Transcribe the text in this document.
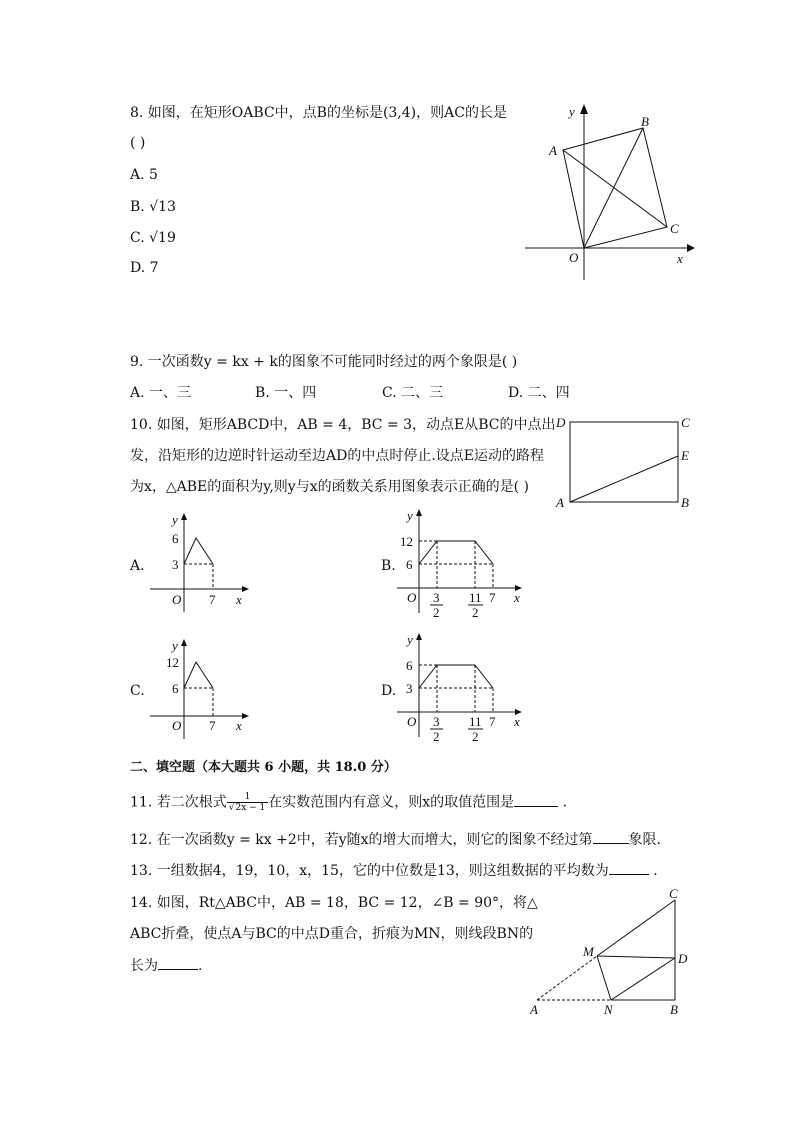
8. 如图，在矩形OABC中，点B的坐标是(3,4)，则AC的长是
( )
A. 5
B. √13
C. √19
D. 7
y
x
O
A
B
C
9. 一次函数y = kx + k的图象不可能同时经过的两个象限是( )
A. 一、三	B. 一、四	C. 二、三	D. 二、四
10. 如图，矩形ABCD中，AB = 4，BC = 3，动点E从BC的中点出
发，沿矩形的边逆时针运动至边AD的中点时停止.设点E运动的路程
为x，△ABE的面积为y,则y与x的函数关系用图象表示正确的是( )
D	C
E
A	B
A.	B.
C.	D.
y
6
3
O 7 x
y
12
6
O 3
2
11
2
7 x
y
12
6
O 7 x
y
6
3
O 3
2
11
2
7 x
二、填空题（本大题共 6 小题，共 18.0 分）
11. 若二次根式 $\frac{1}{√2x - 1}$ 在实数范围内有意义，则x的取值范围是	.
12. 在一次函数y = kx +2中，若y随x的增大而增大，则它的图象不经过第	象限.
13. 一组数据4，19，10，x，15，它的中位数是13，则这组数据的平均数为	.
14. 如图，Rt△ABC中，AB = 18，BC = 12，∠B = 90°，将△
ABC折叠，使点A与BC的中点D重合，折痕为MN，则线段BN的
长为	.
C
D
M
A	N	B
